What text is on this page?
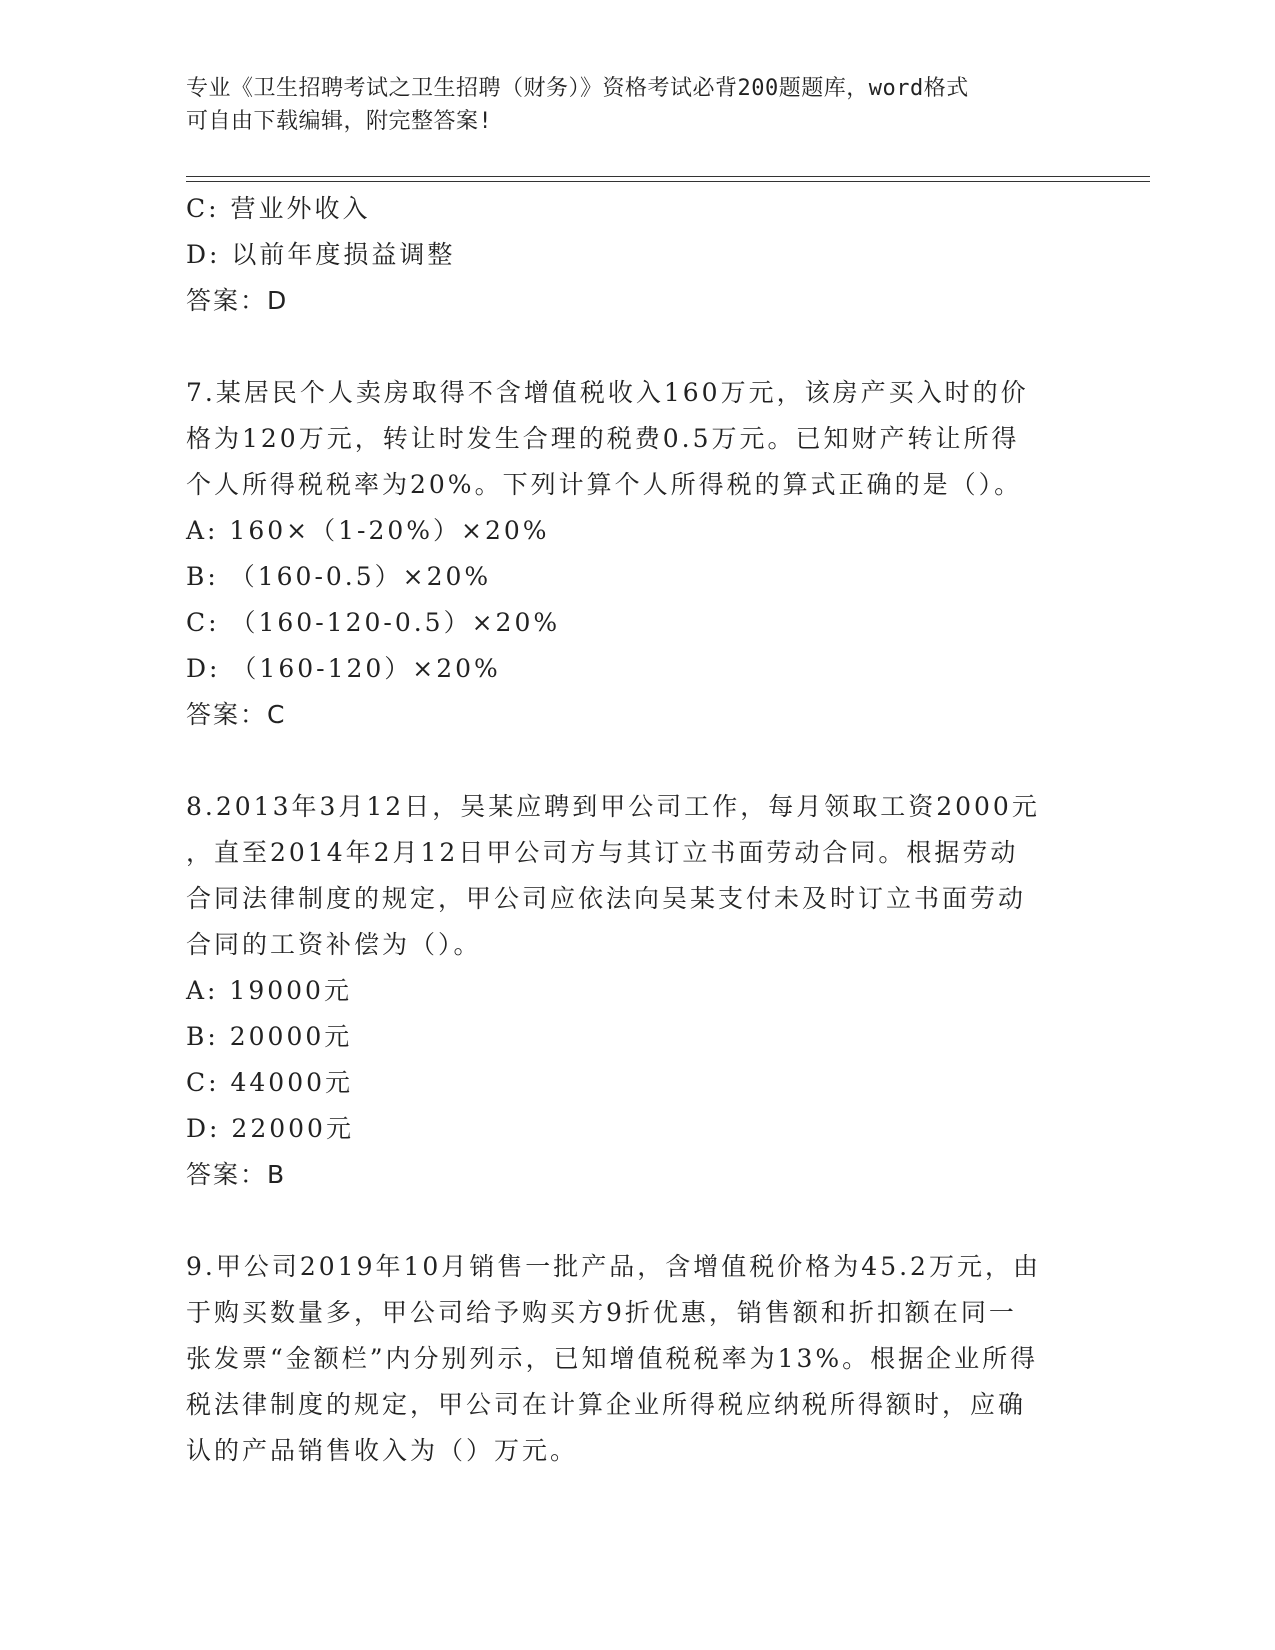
专业《卫生招聘考试之卫生招聘（财务）》资格考试必背200题题库，word格式
可自由下载编辑，附完整答案!
C: 营业外收入
D: 以前年度损益调整
答案：D
7.某居民个人卖房取得不含增值税收入160万元，该房产买入时的价
格为120万元，转让时发生合理的税费0.5万元。已知财产转让所得
个人所得税税率为20%。下列计算个人所得税的算式正确的是（）。
A: 160×（1-20%）×20%
B: （160-0.5）×20%
C: （160-120-0.5）×20%
D: （160-120）×20%
答案：C
8.2013年3月12日，吴某应聘到甲公司工作，每月领取工资2000元
，直至2014年2月12日甲公司方与其订立书面劳动合同。根据劳动
合同法律制度的规定，甲公司应依法向吴某支付未及时订立书面劳动
合同的工资补偿为（）。
A: 19000元
B: 20000元
C: 44000元
D: 22000元
答案：B
9.甲公司2019年10月销售一批产品，含增值税价格为45.2万元，由
于购买数量多，甲公司给予购买方9折优惠，销售额和折扣额在同一
张发票“金额栏”内分别列示，已知增值税税率为13%。根据企业所得
税法律制度的规定，甲公司在计算企业所得税应纳税所得额时，应确
认的产品销售收入为（）万元。
